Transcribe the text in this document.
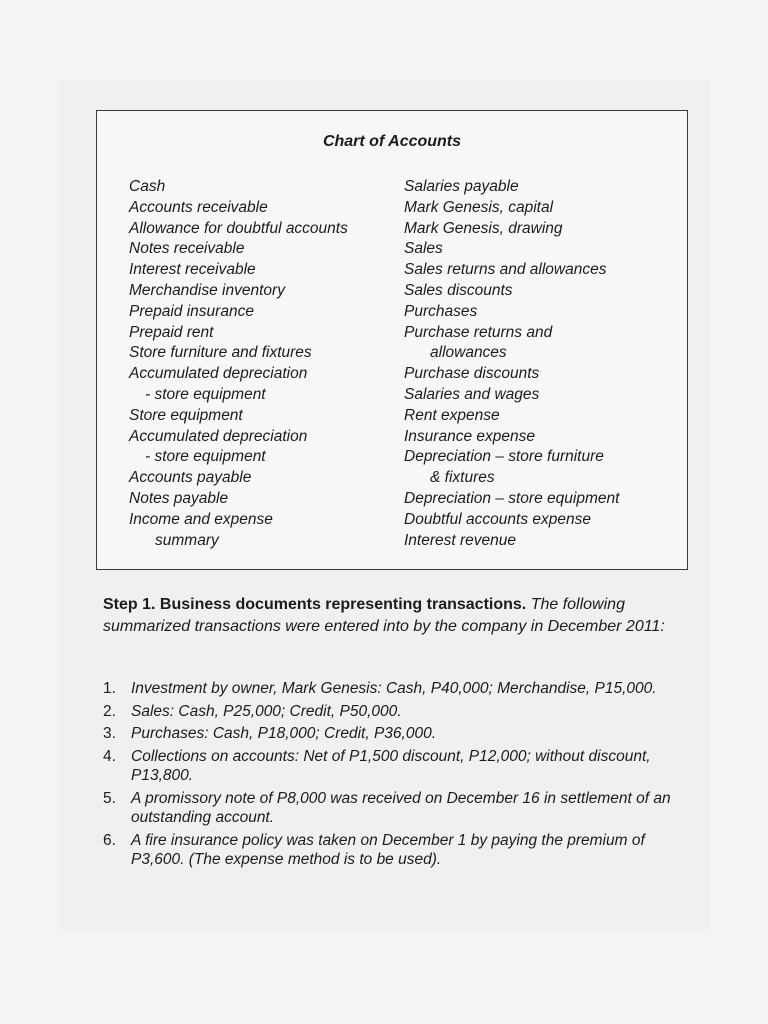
Chart of Accounts
Cash
Accounts receivable
Allowance for doubtful accounts
Notes receivable
Interest receivable
Merchandise inventory
Prepaid insurance
Prepaid rent
Store furniture and fixtures
Accumulated depreciation
- store equipment
Store equipment
Accumulated depreciation
- store equipment
Accounts payable
Notes payable
Income and expense
summary
Salaries payable
Mark Genesis, capital
Mark Genesis, drawing
Sales
Sales returns and allowances
Sales discounts
Purchases
Purchase returns and
allowances
Purchase discounts
Salaries and wages
Rent expense
Insurance expense
Depreciation – store furniture
& fixtures
Depreciation – store equipment
Doubtful accounts expense
Interest revenue
Step 1. Business documents representing transactions. The following summarized transactions were entered into by the company in December 2011:
1. Investment by owner, Mark Genesis: Cash, P40,000; Merchandise, P15,000.
2. Sales: Cash, P25,000; Credit, P50,000.
3. Purchases: Cash, P18,000; Credit, P36,000.
4. Collections on accounts: Net of P1,500 discount, P12,000; without discount, P13,800.
5. A promissory note of P8,000 was received on December 16 in settlement of an outstanding account.
6. A fire insurance policy was taken on December 1 by paying the premium of P3,600. (The expense method is to be used).
